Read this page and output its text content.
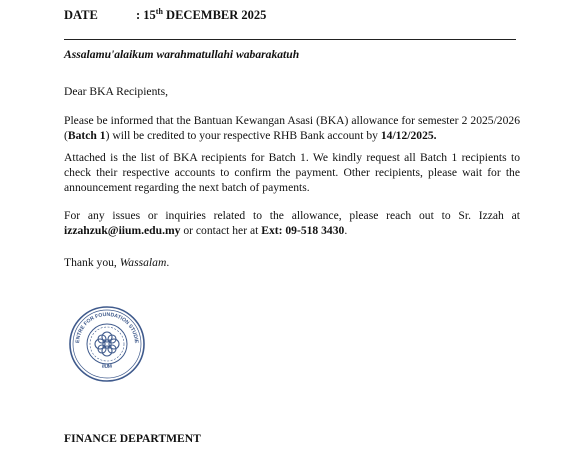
DATE	: 15th DECEMBER 2025
Assalamu'alaikum warahmatullahi wabarakatuh
Dear BKA Recipients,
Please be informed that the Bantuan Kewangan Asasi (BKA) allowance for semester 2 2025/2026 (Batch 1) will be credited to your respective RHB Bank account by 14/12/2025.
Attached is the list of BKA recipients for Batch 1. We kindly request all Batch 1 recipients to check their respective accounts to confirm the payment. Other recipients, please wait for the announcement regarding the next batch of payments.
For any issues or inquiries related to the allowance, please reach out to Sr. Izzah at izzahzuk@iium.edu.my or contact her at Ext: 09-518 3430.
Thank you, Wassalam.
ENTRE FOR FOUNDATION STUDIE
IIUM
FINANCE DEPARTMENT
